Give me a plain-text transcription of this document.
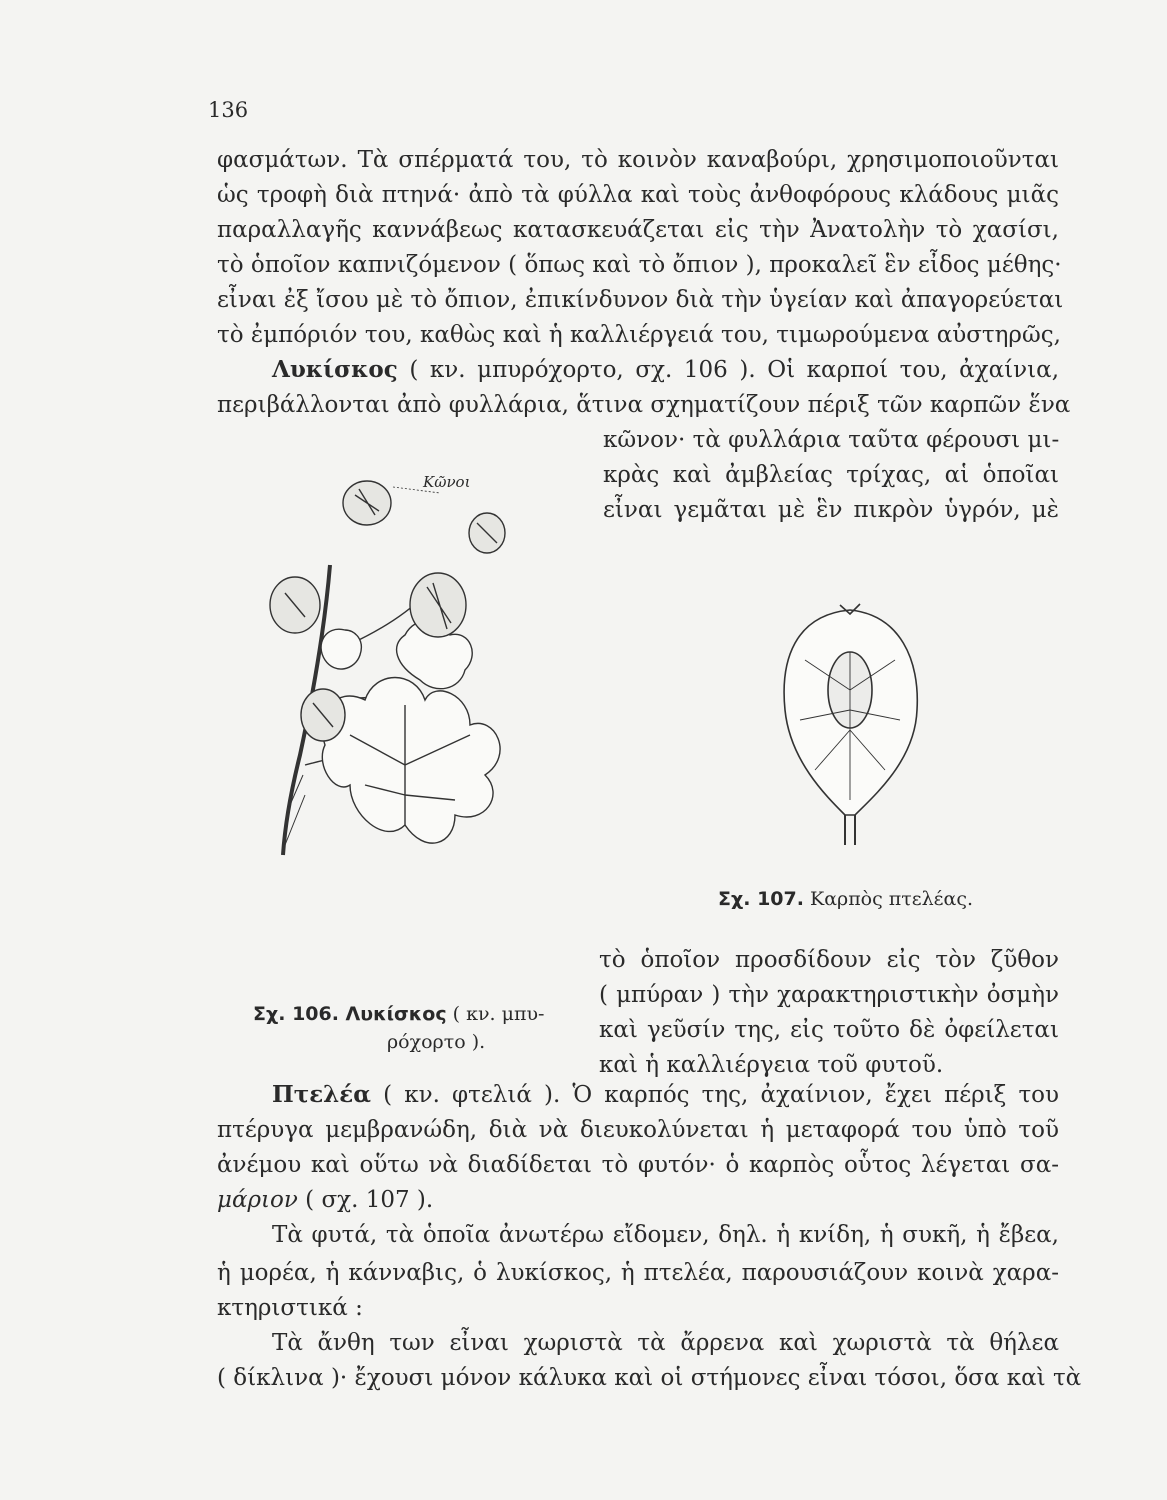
136
φασμάτων. Τὰ σπέρματά του, τὸ κοινὸν καναβούρι, χρησιμοποιοῦνται
ὡς τροφὴ διὰ πτηνά· ἀπὸ τὰ φύλλα καὶ τοὺς ἀνθοφόρους κλάδους μιᾶς
παραλλαγῆς καννάβεως κατασκευάζεται εἰς τὴν Ἀνατολὴν τὸ χασίσι,
τὸ ὁποῖον καπνιζόμενον ( ὅπως καὶ τὸ ὄπιον ), προκαλεῖ ἓν εἶδος μέθης·
εἶναι ἐξ ἴσου μὲ τὸ ὄπιον, ἐπικίνδυνον διὰ τὴν ὑγείαν καὶ ἀπαγορεύεται
τὸ ἐμπόριόν του, καθὼς καὶ ἡ καλλιέργειά του, τιμωρούμενα αὐστηρῶς,
Λυκίσκος ( κν. μπυρόχορτο, σχ. 106 ). Οἱ καρποί του, ἀχαίνια,
περιβάλλονται ἀπὸ φυλλάρια, ἅτινα σχηματίζουν πέριξ τῶν καρπῶν ἕνα
κῶνον· τὰ φυλλάρια ταῦτα φέρουσι μι-
κρὰς καὶ ἀμβλείας τρίχας, αἱ ὁποῖαι
εἶναι γεμᾶται μὲ ἓν πικρὸν ὑγρόν, μὲ
Κῶνοι
Σχ. 107. Καρπὸς πτελέας.
τὸ ὁποῖον προσδίδουν εἰς τὸν ζῦθον
( μπύραν ) τὴν χαρακτηριστικὴν ὀσμὴν
καὶ γεῦσίν της, εἰς τοῦτο δὲ ὀφείλεται
καὶ ἡ καλλιέργεια τοῦ φυτοῦ.
Σχ. 106. Λυκίσκος ( κν. μπυ-
ρόχορτο ).
Πτελέα ( κν. φτελιά ). Ὁ καρπός της, ἀχαίνιον, ἔχει πέριξ του
πτέρυγα μεμβρανώδη, διὰ νὰ διευκολύνεται ἡ μεταφορά του ὑπὸ τοῦ
ἀνέμου καὶ οὕτω νὰ διαδίδεται τὸ φυτόν· ὁ καρπὸς οὗτος λέγεται σα-
μάριον ( σχ. 107 ).
Τὰ φυτά, τὰ ὁποῖα ἀνωτέρω εἴδομεν, δηλ. ἡ κνίδη, ἡ συκῆ, ἡ ἔβεα,
ἡ μορέα, ἡ κάνναβις, ὁ λυκίσκος, ἡ πτελέα, παρουσιάζουν κοινὰ χαρα-
κτηριστικά :
Τὰ ἄνθη των εἶναι χωριστὰ τὰ ἄρρενα καὶ χωριστὰ τὰ θήλεα
( δίκλινα )· ἔχουσι μόνον κάλυκα καὶ οἱ στήμονες εἶναι τόσοι, ὅσα καὶ τὰ
